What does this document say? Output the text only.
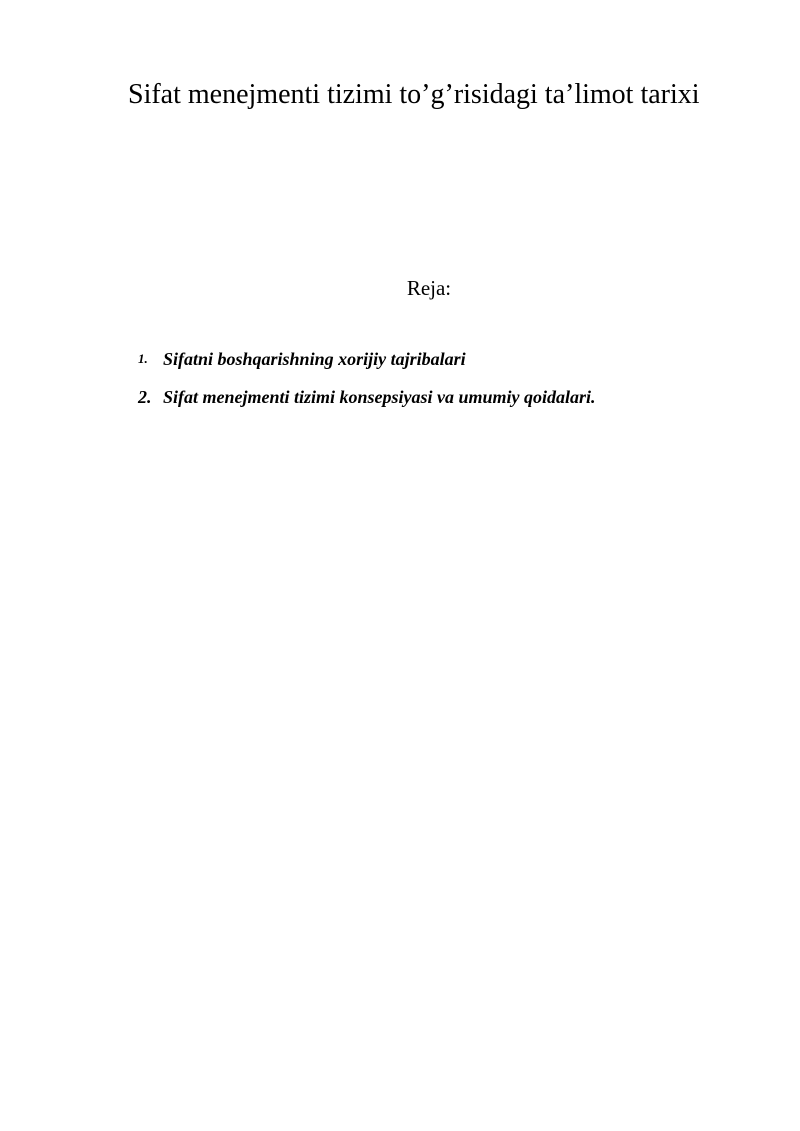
Sifat menejmenti tizimi to’g’risidagi ta’limot tarixi
Reja:
1. Sifatni boshqarishning xorijiy tajribalari
2. Sifat menejmenti tizimi konsepsiyasi va umumiy qoidalari.
